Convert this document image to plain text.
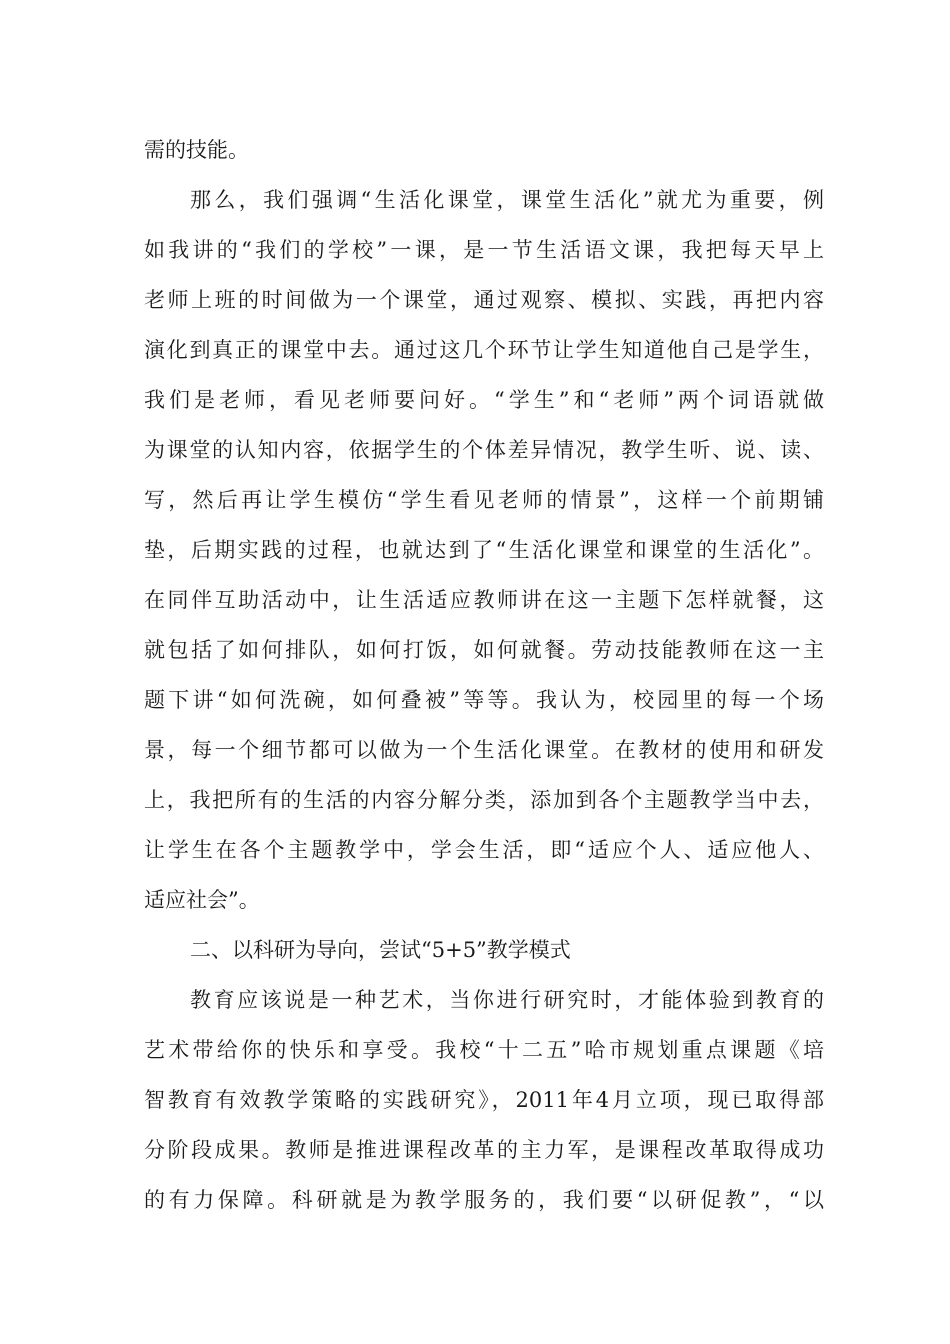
需的技能。
那么，我们强调“生活化课堂，课堂生活化”就尤为重要，例
如我讲的“我们的学校”一课，是一节生活语文课，我把每天早上
老师上班的时间做为一个课堂，通过观察、模拟、实践，再把内容
演化到真正的课堂中去。通过这几个环节让学生知道他自己是学生，
我们是老师，看见老师要问好。“学生”和“老师”两个词语就做
为课堂的认知内容，依据学生的个体差异情况，教学生听、说、读、
写，然后再让学生模仿“学生看见老师的情景”，这样一个前期铺
垫，后期实践的过程，也就达到了“生活化课堂和课堂的生活化”。
在同伴互助活动中，让生活适应教师讲在这一主题下怎样就餐，这
就包括了如何排队，如何打饭，如何就餐。劳动技能教师在这一主
题下讲“如何洗碗，如何叠被”等等。我认为，校园里的每一个场
景，每一个细节都可以做为一个生活化课堂。在教材的使用和研发
上，我把所有的生活的内容分解分类，添加到各个主题教学当中去，
让学生在各个主题教学中，学会生活，即“适应个人、适应他人、
适应社会”。
二、以科研为导向，尝试“5+5”教学模式
教育应该说是一种艺术，当你进行研究时，才能体验到教育的
艺术带给你的快乐和享受。我校“十二五”哈市规划重点课题《培
智教育有效教学策略的实践研究》，2011年4月立项，现已取得部
分阶段成果。教师是推进课程改革的主力军，是课程改革取得成功
的有力保障。科研就是为教学服务的，我们要“以研促教”，“以
